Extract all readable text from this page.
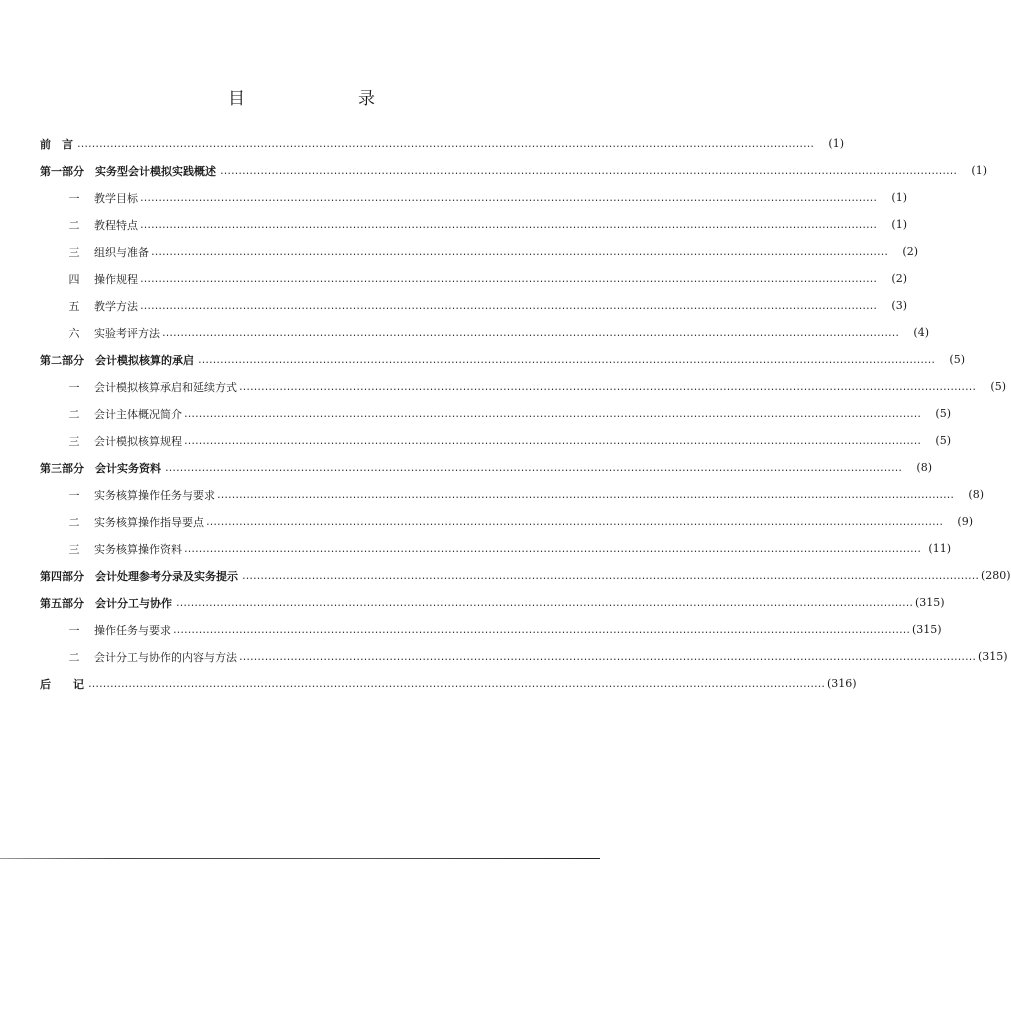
目	录
前　言 …………………………………………………………………………………………………………………………………………………………………………………	(1)
第一部分　实务型会计模拟实践概述 …………………………………………………………………………………………………………………………………………………………………………………	(1)
一	教学目标 …………………………………………………………………………………………………………………………………………………………………………………	(1)
二	教程特点 …………………………………………………………………………………………………………………………………………………………………………………	(1)
三	组织与准备 …………………………………………………………………………………………………………………………………………………………………………………	(2)
四	操作规程 …………………………………………………………………………………………………………………………………………………………………………………	(2)
五	教学方法 …………………………………………………………………………………………………………………………………………………………………………………	(3)
六	实验考评方法 …………………………………………………………………………………………………………………………………………………………………………………	(4)
第二部分　会计模拟核算的承启 …………………………………………………………………………………………………………………………………………………………………………………	(5)
一	会计模拟核算承启和延续方式 …………………………………………………………………………………………………………………………………………………………………………………	(5)
二	会计主体概况简介 …………………………………………………………………………………………………………………………………………………………………………………	(5)
三	会计模拟核算规程 …………………………………………………………………………………………………………………………………………………………………………………	(5)
第三部分　会计实务资料 …………………………………………………………………………………………………………………………………………………………………………………	(8)
一	实务核算操作任务与要求 …………………………………………………………………………………………………………………………………………………………………………………	(8)
二	实务核算操作指导要点 …………………………………………………………………………………………………………………………………………………………………………………	(9)
三	实务核算操作资料 ………………………………………………………………………………………………………………………………………………………………………………… (11)
第四部分　会计处理参考分录及实务提示 ………………………………………………………………………………………………………………………………………………………………………………… (280)
第五部分　会计分工与协作 ………………………………………………………………………………………………………………………………………………………………………………… (315)
一	操作任务与要求 ………………………………………………………………………………………………………………………………………………………………………………… (315)
二	会计分工与协作的内容与方法 ………………………………………………………………………………………………………………………………………………………………………………… (315)
后　　记 ………………………………………………………………………………………………………………………………………………………………………………… (316)
